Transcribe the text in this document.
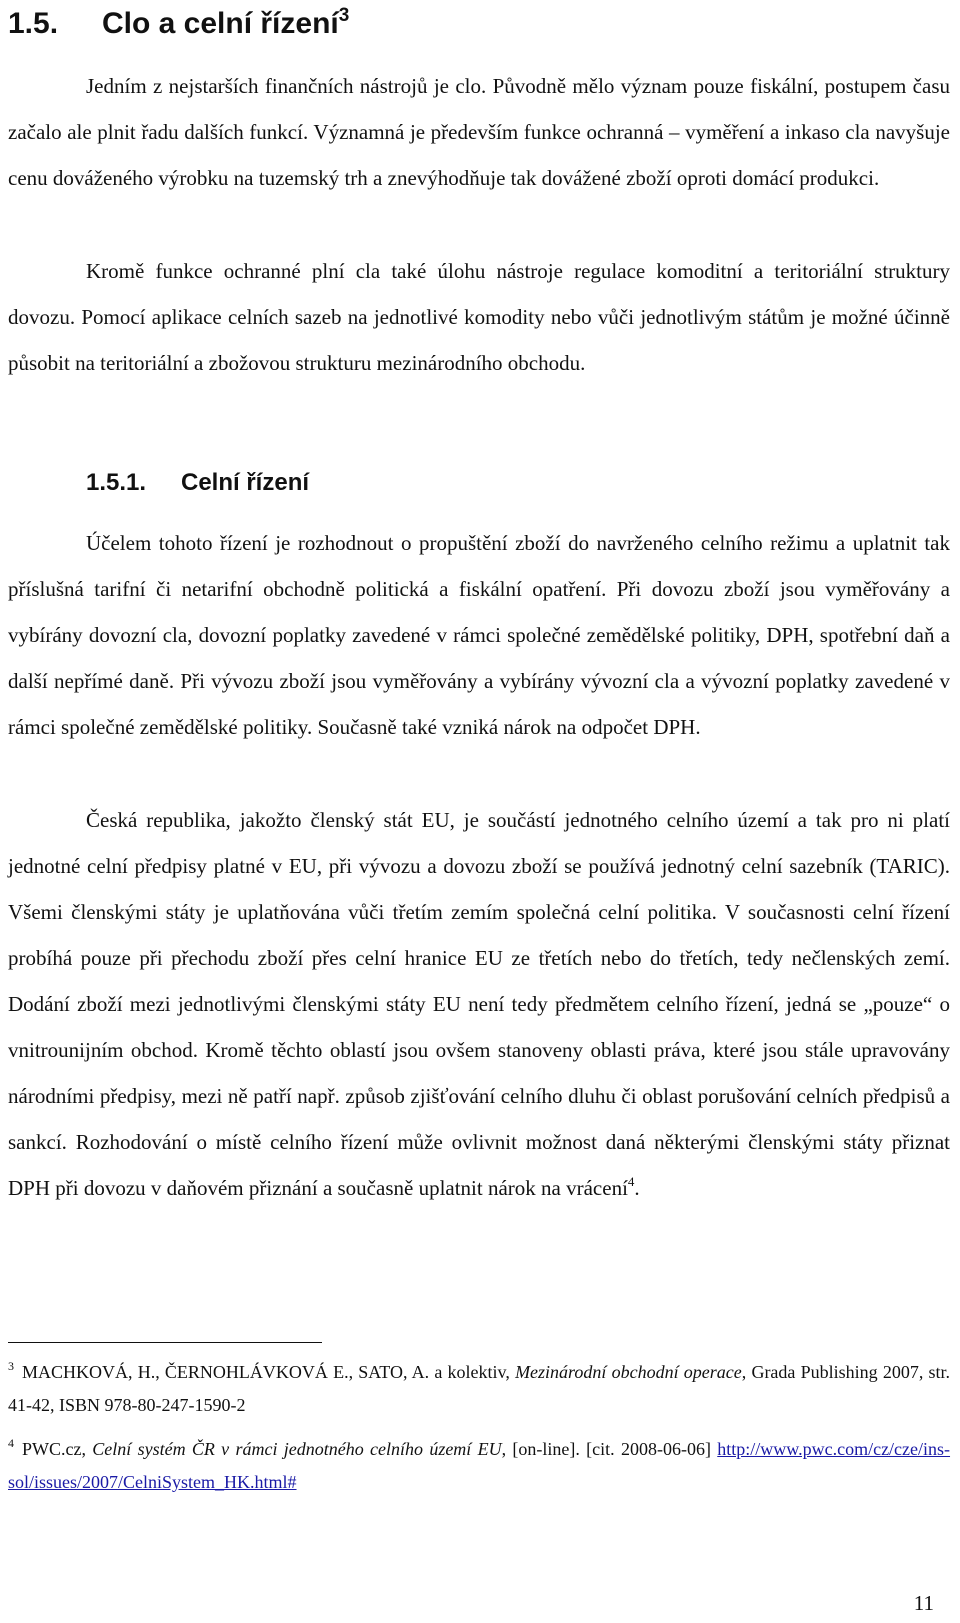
1.5. Clo a celní řízení$^3$

Jedním z nejstarších finančních nástrojů je clo. Původně mělo význam pouze fiskální, postupem času začalo ale plnit řadu dalších funkcí. Významná je především funkce ochranná – vyměření a inkaso cla navyšuje cenu dováženého výrobku na tuzemský trh a znevýhodňuje tak dovážené zboží oproti domácí produkci.

Kromě funkce ochranné plní cla také úlohu nástroje regulace komoditní a teritoriální struktury dovozu. Pomocí aplikace celních sazeb na jednotlivé komodity nebo vůči jednotlivým státům je možné účinně působit na teritoriální a zbožovou strukturu mezinárodního obchodu.

1.5.1. Celní řízení

Účelem tohoto řízení je rozhodnout o propuštění zboží do navrženého celního režimu a uplatnit tak příslušná tarifní či netarifní obchodně politická a fiskální opatření. Při dovozu zboží jsou vyměřovány a vybírány dovozní cla, dovozní poplatky zavedené v rámci společné zemědělské politiky, DPH, spotřební daň a další nepřímé daně. Při vývozu zboží jsou vyměřovány a vybírány vývozní cla a vývozní poplatky zavedené v rámci společné zemědělské politiky. Současně také vzniká nárok na odpočet DPH.

Česká republika, jakožto členský stát EU, je součástí jednotného celního území a tak pro ni platí jednotné celní předpisy platné v EU, při vývozu a dovozu zboží se používá jednotný celní sazebník (TARIC). Všemi členskými státy je uplatňována vůči třetím zemím společná celní politika. V současnosti celní řízení probíhá pouze při přechodu zboží přes celní hranice EU ze třetích nebo do třetích, tedy nečlenských zemí. Dodání zboží mezi jednotlivými členskými státy EU není tedy předmětem celního řízení, jedná se „pouze“ o vnitrounijním obchod. Kromě těchto oblastí jsou ovšem stanoveny oblasti práva, které jsou stále upravovány národními předpisy, mezi ně patří např. způsob zjišťování celního dluhu či oblast porušování celních předpisů a sankcí. Rozhodování o místě celního řízení může ovlivnit možnost daná některými členskými státy přiznat DPH při dovozu v daňovém přiznání a současně uplatnit nárok na vrácení$^4$.

$^3$ MACHKOVÁ, H., ČERNOHLÁVKOVÁ E., SATO, A. a kolektiv, Mezinárodní obchodní operace, Grada Publishing 2007, str. 41-42, ISBN 978-80-247-1590-2

$^4$ PWC.cz, Celní systém ČR v rámci jednotného celního území EU, [on-line]. [cit. 2008-06-06] http://www.pwc.com/cz/cze/ins-sol/issues/2007/CelniSystem_HK.html#

11
